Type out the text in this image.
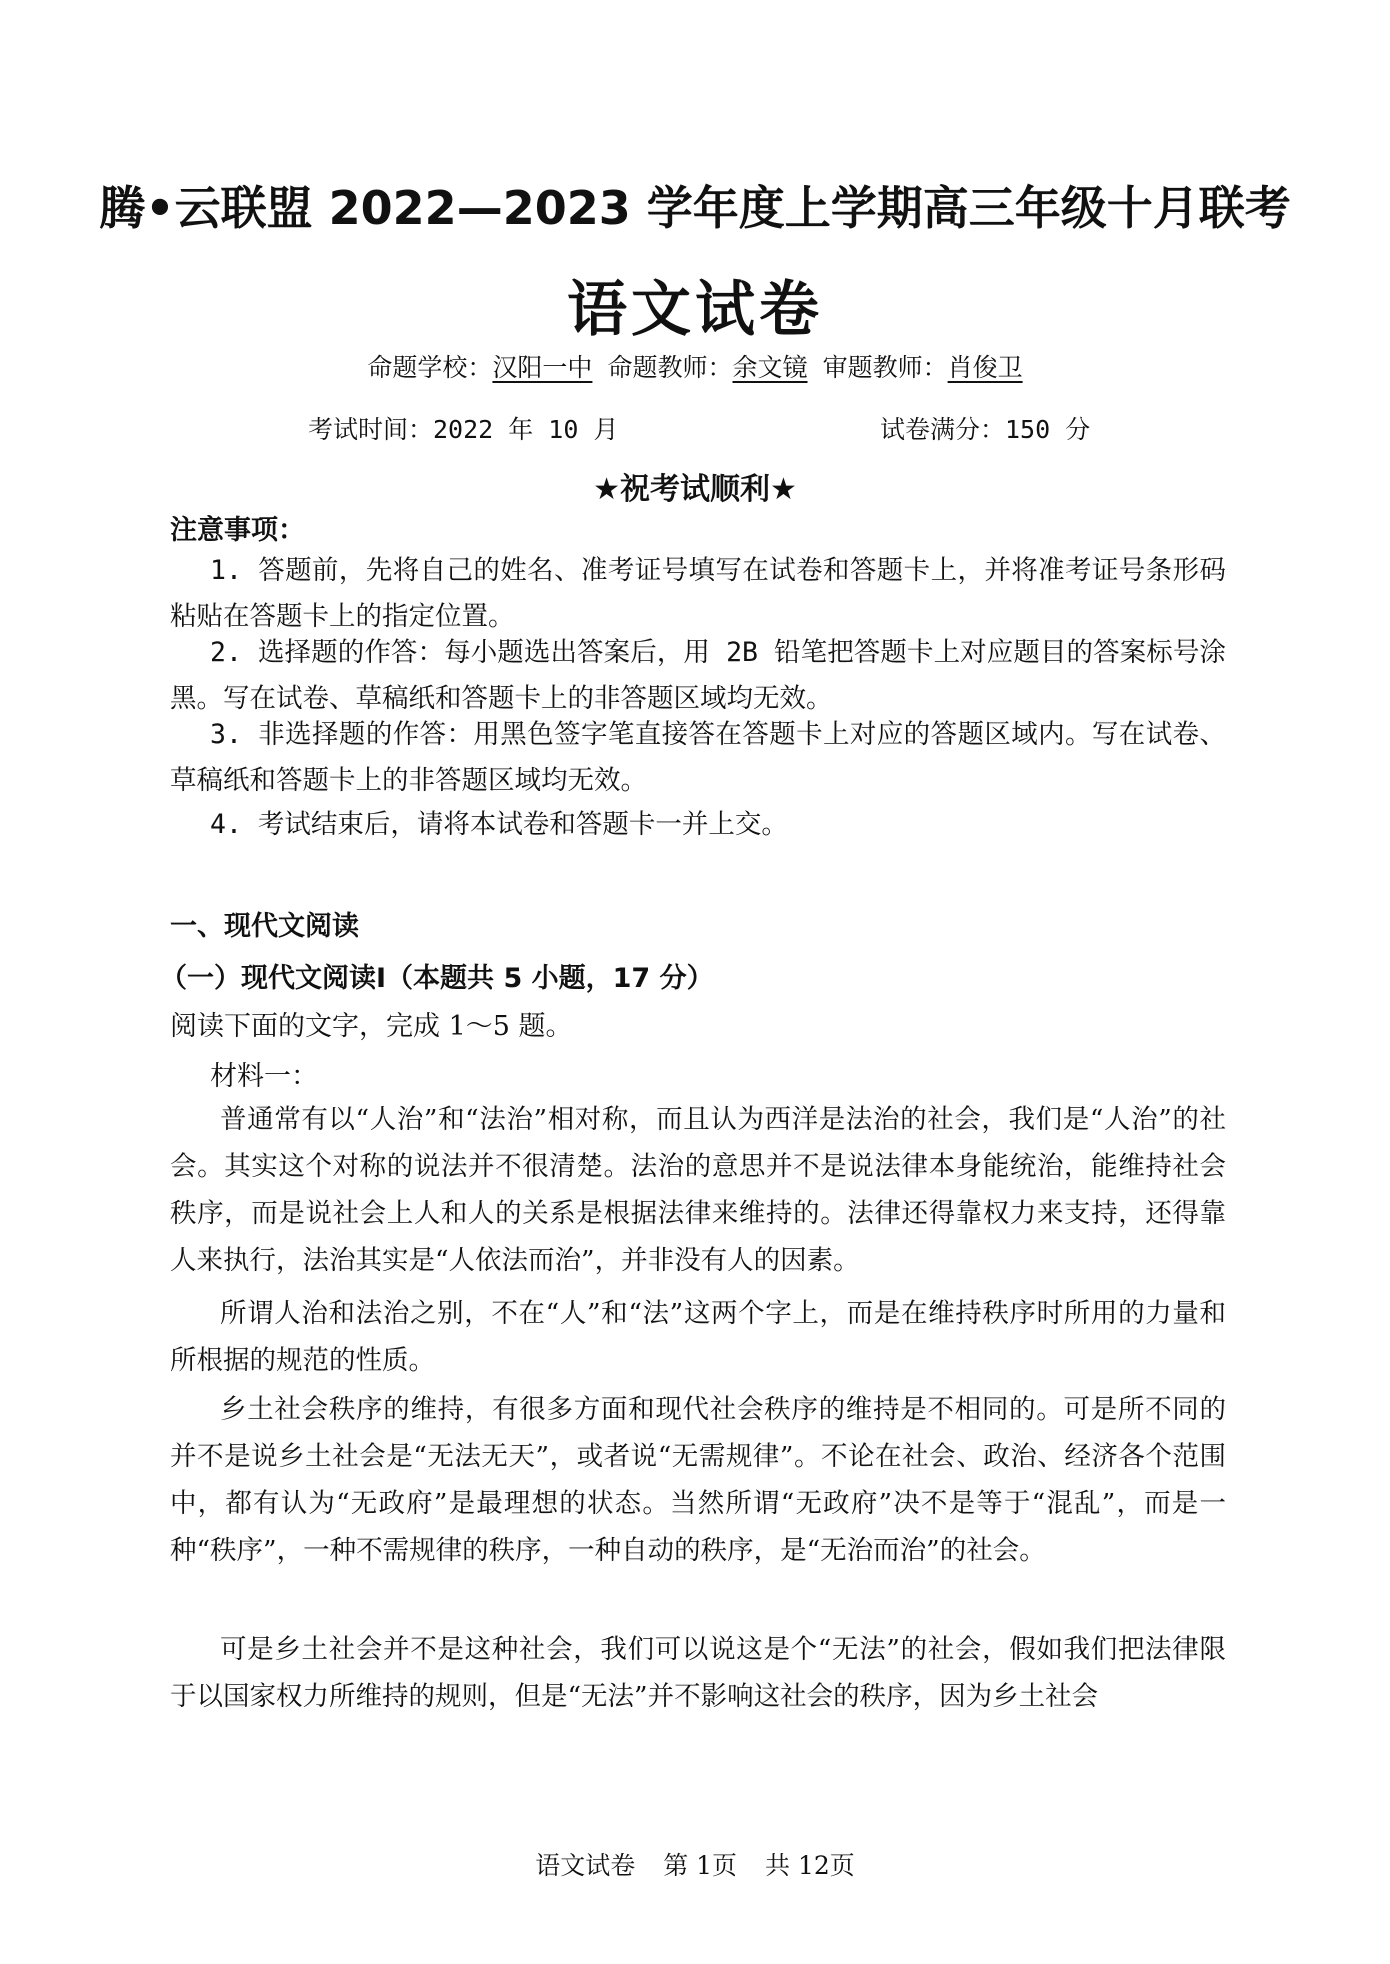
腾•云联盟 2022—2023 学年度上学期高三年级十月联考
语文试卷
命题学校：汉阳一中 命题教师：余文镜 审题教师：肖俊卫
考试时间：2022 年 10 月	试卷满分：150 分
★祝考试顺利★
注意事项：

1. 答题前，先将自己的姓名、准考证号填写在试卷和答题卡上，并将准考证号条形码粘贴在答题卡上的指定位置。

2. 选择题的作答：每小题选出答案后，用 2B 铅笔把答题卡上对应题目的答案标号涂黑。写在试卷、草稿纸和答题卡上的非答题区域均无效。

3. 非选择题的作答：用黑色签字笔直接答在答题卡上对应的答题区域内。写在试卷、草稿纸和答题卡上的非答题区域均无效。

4. 考试结束后，请将本试卷和答题卡一并上交。

一、现代文阅读
（一）现代文阅读Ⅰ（本题共 5 小题，17 分）
阅读下面的文字，完成 1～5 题。
材料一：

普通常有以“人治”和“法治”相对称，而且认为西洋是法治的社会，我们是“人治”的社会。其实这个对称的说法并不很清楚。法治的意思并不是说法律本身能统治，能维持社会秩序，而是说社会上人和人的关系是根据法律来维持的。法律还得靠权力来支持，还得靠人来执行，法治其实是“人依法而治”，并非没有人的因素。

所谓人治和法治之别，不在“人”和“法”这两个字上，而是在维持秩序时所用的力量和所根据的规范的性质。

乡土社会秩序的维持，有很多方面和现代社会秩序的维持是不相同的。可是所不同的并不是说乡土社会是“无法无天”，或者说“无需规律”。不论在社会、政治、经济各个范围中，都有认为“无政府”是最理想的状态。当然所谓“无政府”决不是等于“混乱”，而是一种“秩序”，一种不需规律的秩序，一种自动的秩序，是“无治而治”的社会。

可是乡土社会并不是这种社会，我们可以说这是个“无法”的社会，假如我们把法律限于以国家权力所维持的规则，但是“无法”并不影响这社会的秩序，因为乡土社会

语文试卷 第 1页 共 12页
